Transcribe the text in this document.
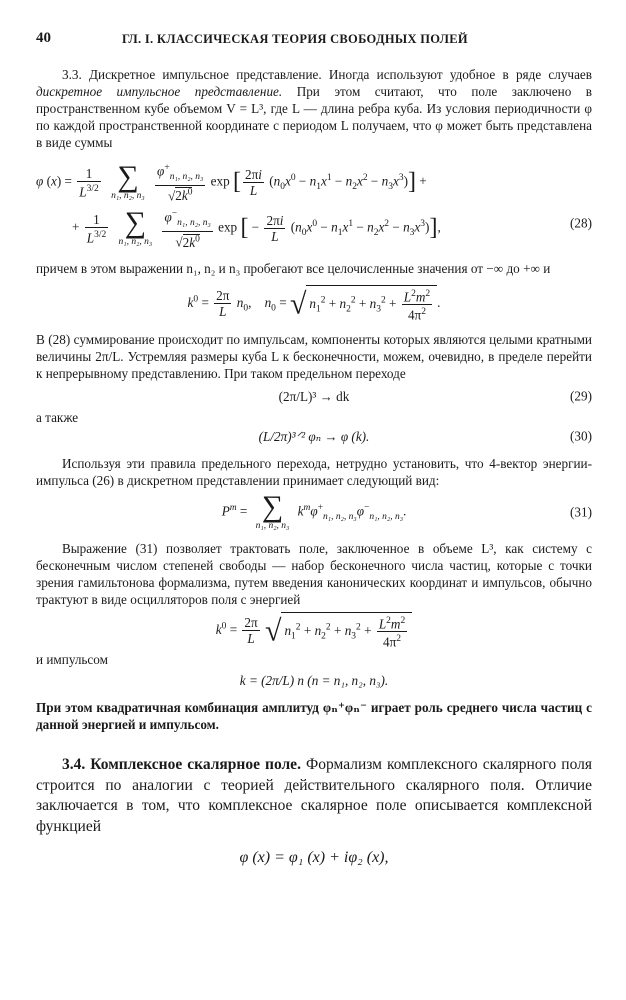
40	ГЛ. I. КЛАССИЧЕСКАЯ ТЕОРИЯ СВОБОДНЫХ ПОЛЕЙ

3.3. Дискретное импульсное представление. Иногда используют удобное в ряде случаев дискретное импульсное представление. При этом считают, что поле заключено в пространственном кубе объемом V = L³, где L — длина ребра куба. Из условия периодичности φ по каждой пространственной координате с периодом L получаем, что φ может быть представлена в виде суммы

φ $(x) = \frac{1}{L^{3/2}}$
∑
n₁, n₂, n₃
$\frac{\varphi^+_{n_1, n_2, n_3}}{√2k^0}$ exp [ $\frac{2\pi i}{L} (n_0x^0 - n_1x^1 - n_2x^2 - n_3x^3)$] +
+ $\frac{1}{L^{3/2}}$
∑
n₁, n₂, n₃
$\frac{\varphi^-_{n_1, n_2, n_3}}{√2k^0}$ exp [ − $\frac{2\pi i}{L} (n_0x^0 - n_1x^1 - n_2x^2 - n_3x^3)$],	(28)

причем в этом выражении n₁, n₂ и n₃ пробегают все целочисленные значения от −∞ до +∞ и

$k^0 = \frac{2\pi}{L} n_0$,    $n_0$ = √ $n_1^2 + n_2^2 + n_3^2 + \frac{L^2m^2}{4\pi^2}$ .

В (28) суммирование происходит по импульсам, компоненты которых являются целыми кратными величины 2π/L. Устремляя размеры куба L к бесконечности, можем, очевидно, в пределе перейти к непрерывному представлению. При таком предельном переходе

(2π/L)³ → dk	(29)
а также
(L/2π)³ᐟ² φₙ → φ (k).	(30)

Используя эти правила предельного перехода, нетрудно установить, что 4-вектор энергии-импульса (26) в дискретном представлении принимает следующий вид:

$P^m$ = ∑
n₁, n₂, n₃
$k^m\varphi^+_{n_1, n_2, n_3}\varphi^-_{n_1, n_2, n_3}$.	(31)

Выражение (31) позволяет трактовать поле, заключенное в объеме L³, как систему с бесконечным числом степеней свободы — набор бесконечного числа частиц, которые с точки зрения гамильтонова формализма, путем введения канонических координат и импульсов, обычно трактуют в виде осцилляторов поля с энергией

$k^0 = \frac{2\pi}{L}$ √ $n_1^2 + n_2^2 + n_3^2 + \frac{L^2m^2}{4\pi^2}$
и импульсом
k = (2π/L) n (n = n₁, n₂, n₃).

При этом квадратичная комбинация амплитуд φₙ⁺φₙ⁻ играет роль среднего числа частиц с данной энергией и импульсом.

3.4. Комплексное скалярное поле. Формализм комплексного скалярного поля строится по аналогии с теорией действительного скалярного поля. Отличие заключается в том, что комплексное скалярное поле описывается комплексной функцией

φ (x) = φ₁ (x) + iφ₂ (x),
